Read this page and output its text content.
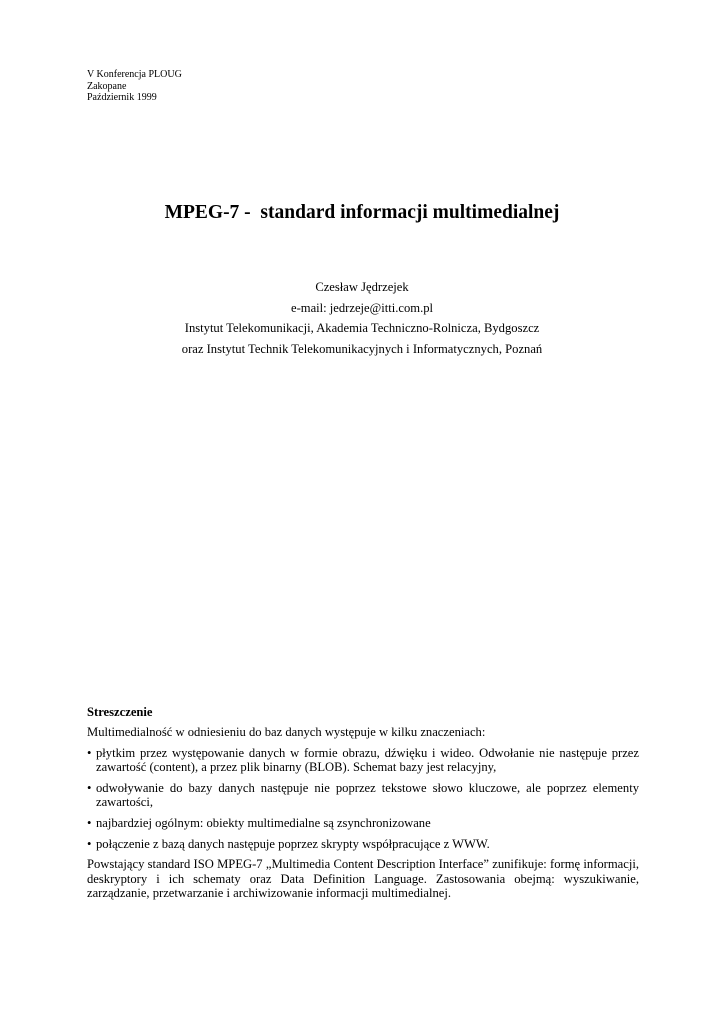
V Konferencja PLOUG
Zakopane
Październik 1999
MPEG-7 -  standard informacji multimedialnej
Czesław Jędrzejek
e-mail: jedrzeje@itti.com.pl
Instytut Telekomunikacji, Akademia Techniczno-Rolnicza, Bydgoszcz
oraz Instytut Technik Telekomunikacyjnych i Informatycznych, Poznań
Streszczenie

Multimedialność w odniesieniu do baz danych występuje w kilku znaczeniach:

• płytkim przez występowanie danych w formie obrazu, dźwięku i wideo. Odwołanie nie następuje przez zawartość (content), a przez plik binarny (BLOB). Schemat bazy jest relacyjny,
• odwoływanie do bazy danych następuje nie poprzez tekstowe słowo kluczowe, ale poprzez elementy zawartości,
• najbardziej ogólnym: obiekty multimedialne są zsynchronizowane
• połączenie z bazą danych następuje poprzez skrypty współpracujące z WWW.

Powstający standard ISO MPEG-7 „Multimedia Content Description Interface” zunifikuje: formę informacji, deskryptory i ich schematy oraz Data Definition Language. Zastosowania obejmą: wyszukiwanie, zarządzanie, przetwarzanie i archiwizowanie informacji multimedialnej.
